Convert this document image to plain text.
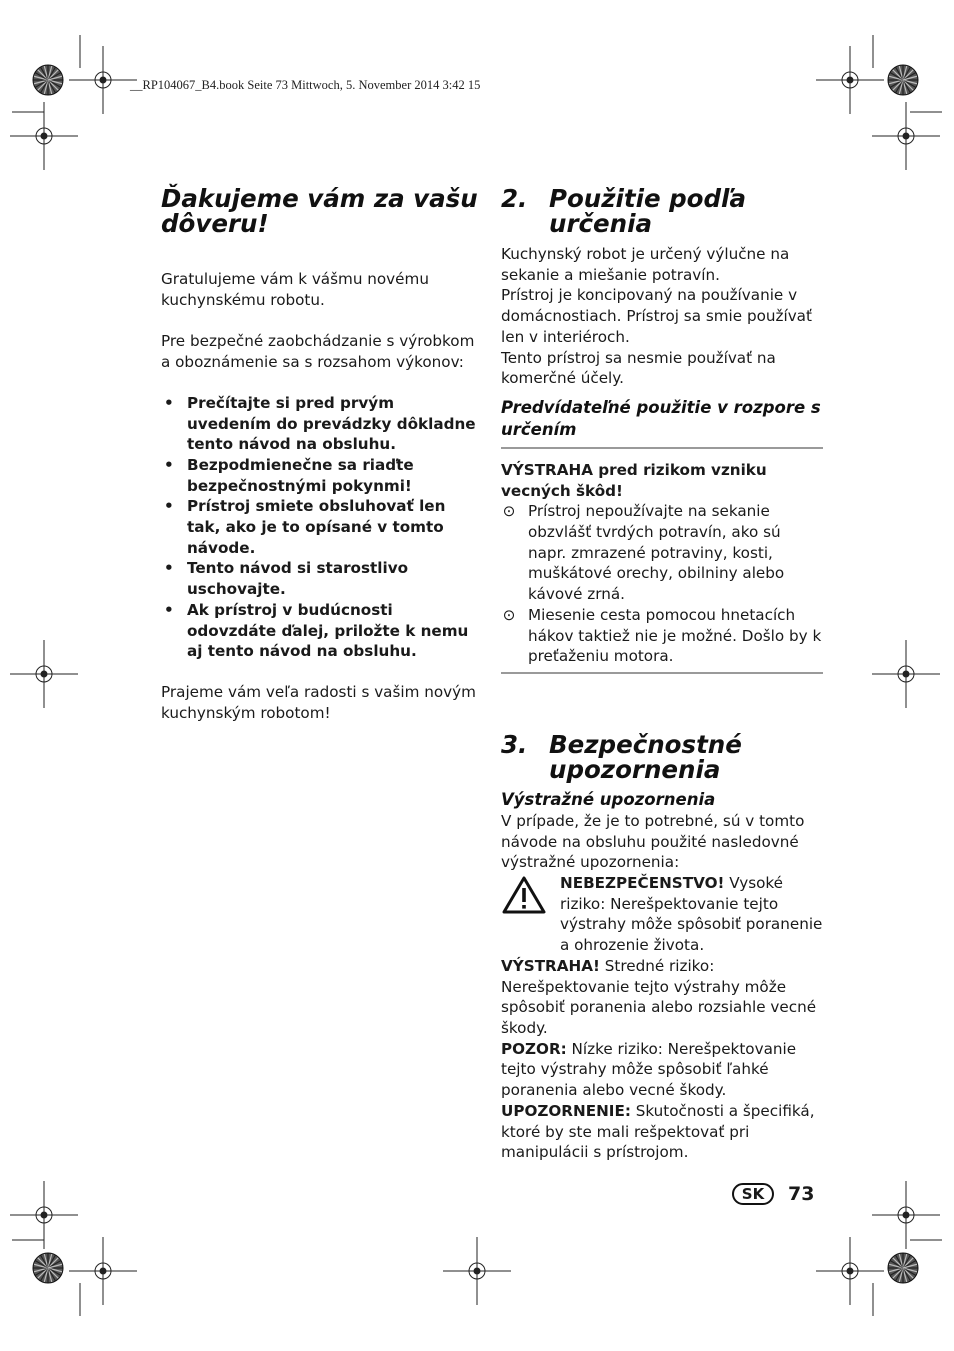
__RP104067_B4.book Seite 73 Mittwoch, 5. November 2014 3:42 15
Ďakujeme vám za vašu dôveru!

Gratulujeme vám k vášmu novému kuchynskému robotu.

Pre bezpečné zaobchádzanie s výrobkom a oboznámenie sa s rozsahom výkonov:

• Prečítajte si pred prvým uvedením do prevádzky dôkladne tento návod na obsluhu.
• Bezpodmienečne sa riaďte bezpečnostnými pokynmi!
• Prístroj smiete obsluhovať len tak, ako je to opísané v tomto návode.
• Tento návod si starostlivo uschovajte.
• Ak prístroj v budúcnosti odovzdáte ďalej, priložte k nemu aj tento návod na obsluhu.

Prajeme vám veľa radosti s vašim novým kuchynským robotom!

2. Použitie podľa určenia

Kuchynský robot je určený výlučne na sekanie a miešanie potravín.

Prístroj je koncipovaný na používanie v domácnostiach. Prístroj sa smie používať len v interiéroch.

Tento prístroj sa nesmie používať na komerčné účely.

Predvídateľné použitie v rozpore s určením

VÝSTRAHA pred rizikom vzniku vecných škôd!

⊙ Prístroj nepoužívajte na sekanie obzvlášť tvrdých potravín, ako sú napr. zmrazené potraviny, kosti, muškátové orechy, obilniny alebo kávové zrná.
⊙ Miesenie cesta pomocou hnetacích hákov taktiež nie je možné. Došlo by k preťaženiu motora.
3. Bezpečnostné upozornenia
Výstražné upozornenia

V prípade, že je to potrebné, sú v tomto návode na obsluhu použité nasledovné výstražné upozornenia:

NEBEZPEČENSTVO! Vysoké riziko: Nerešpektovanie tejto výstrahy môže spôsobiť poranenie a ohrozenie života.

VÝSTRAHA! Stredné riziko: Nerešpektovanie tejto výstrahy môže spôsobiť poranenia alebo rozsiahle vecné škody.

POZOR: Nízke riziko: Nerešpektovanie tejto výstrahy môže spôsobiť ľahké poranenia alebo vecné škody.

UPOZORNENIE: Skutočnosti a špecifiká, ktoré by ste mali rešpektovať pri manipulácii s prístrojom.

SK	73
